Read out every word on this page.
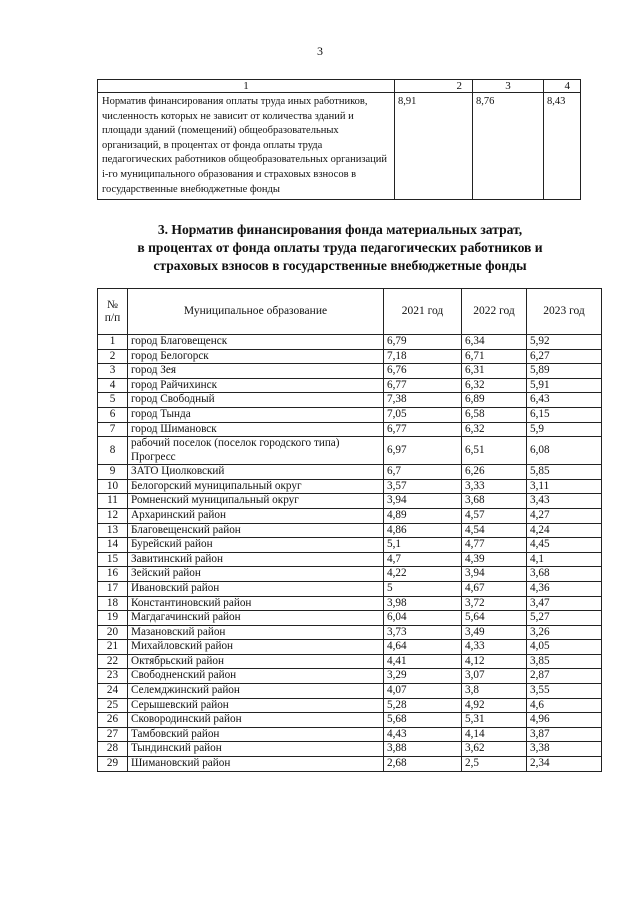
3
1	2	3	4
Норматив финансирования оплаты труда иных работников, численность которых не зависит от количества зданий и площади зданий (помещений) общеобразовательных организаций, в процентах от фонда оплаты труда педагогических работников общеобразовательных организаций i-го муниципального образования и страховых взносов в государственные внебюджетные фонды	8,91	8,76	8,43
3. Норматив финансирования фонда материальных затрат,
в процентах от фонда оплаты труда педагогических работников и
страховых взносов в государственные внебюджетные фонды
№ п/п	Муниципальное образование	2021 год	2022 год	2023 год
1	город Благовещенск	6,79	6,34	5,92
2	город Белогорск	7,18	6,71	6,27
3	город Зея	6,76	6,31	5,89
4	город Райчихинск	6,77	6,32	5,91
5	город Свободный	7,38	6,89	6,43
6	город Тында	7,05	6,58	6,15
7	город Шимановск	6,77	6,32	5,9
8	рабочий поселок (поселок городского типа) Прогресс	6,97	6,51	6,08
9	ЗАТО Циолковский	6,7	6,26	5,85
10	Белогорский муниципальный округ	3,57	3,33	3,11
11	Ромненский муниципальный округ	3,94	3,68	3,43
12	Архаринский район	4,89	4,57	4,27
13	Благовещенский район	4,86	4,54	4,24
14	Бурейский район	5,1	4,77	4,45
15	Завитинский район	4,7	4,39	4,1
16	Зейский район	4,22	3,94	3,68
17	Ивановский район	5	4,67	4,36
18	Константиновский район	3,98	3,72	3,47
19	Магдагачинский район	6,04	5,64	5,27
20	Мазановский район	3,73	3,49	3,26
21	Михайловский район	4,64	4,33	4,05
22	Октябрьский район	4,41	4,12	3,85
23	Свободненский район	3,29	3,07	2,87
24	Селемджинский район	4,07	3,8	3,55
25	Серышевский район	5,28	4,92	4,6
26	Сковородинский район	5,68	5,31	4,96
27	Тамбовский район	4,43	4,14	3,87
28	Тындинский район	3,88	3,62	3,38
29	Шимановский район	2,68	2,5	2,34
